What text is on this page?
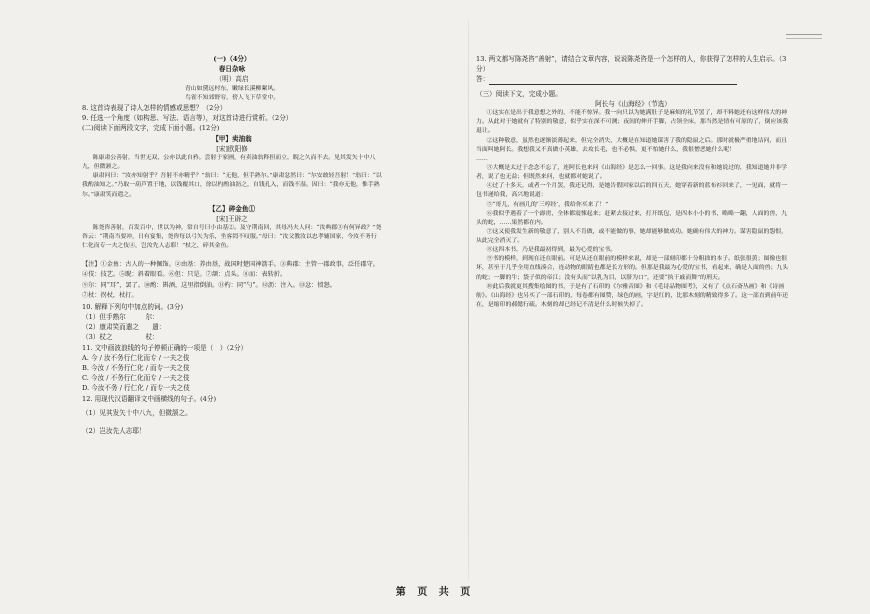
(一)（4分）

春日杂咏

（明）高启

青山如黛远村东，嫩绿长溪柳絮风。

鸟雀不知郊野穷，傍人飞下草堂中。

8. 这首诗表现了诗人怎样的情感或思想？（2分）

9. 任选一个角度（如构思、写法、语言等），对这首诗进行赏析。（2分）

(二)阅读下面两段文字，完成下面小题。(12分)

【甲】卖油翁

[宋]欧阳修

陈康肃公善射，当世无双，公亦以此自矜。尝射于家圃，有卖油翁释担而立，睨之久而不去。见其发矢十中八九，但微颔之。

康肃问曰：“汝亦知射乎？吾射不亦精乎？”翁曰：“无他，但手熟尔。”康肃忿然曰：“尔安敢轻吾射！”翁曰：“以我酌油知之。”乃取一葫芦置于地，以钱覆其口，徐以杓酌油沥之，自钱孔入，而钱不湿。因曰：“我亦无他，惟手熟尔。”康肃笑而遣之。

【乙】碎金鱼①

[宋]王辟之

陈尧咨善射，百发百中，世以为神，常自号曰小由基②。及守荆南回，其母冯夫人问：“汝典郡③有何异政？”尧咨云：“荆南当要冲，日有宴集，尧咨每以弓矢为乐，坐客罔不叹服。”母曰：“汝父教汝以忠孝辅国家，今汝不务行仁化而专一夫之伎④，岂汝先人志耶！”杖之，碎其金鱼。

【注】①金鱼：古人的一种佩饰。②由基：养由基，战国时楚国神箭手。③典郡：主管一郡政事，泛任郡守。④伎：技艺。⑤睨：斜着眼看。⑥但：只是。⑦颔：点头。⑧而：表转折。

⑨尔：同“耳”，罢了。⑩酌：斟酒，这里指倒油。⑪杓：同“勺”。⑫沥：注入。⑬忿：愤怒。

⑦杖：拐杖，杖打。

10. 解释下列句中加点的词。(3分)

（1）但手熟尔　　　尔：

（2）康肃笑而遣之　　遣：

（3）杖之　　　　　杖：

11. 文中画波浪线的句子停顿正确的一项是（　）（2分）

A. 今 / 汝不务行仁化而专 / 一夫之伎

B. 今汝 / 不务行仁化 / 而专一夫之伎

C. 今汝 / 不务行仁化而专 / 一夫之伎

D. 今汝不务 / 行仁化 / 而专一夫之伎

12. 用现代汉语翻译文中画横线的句子。(4分)

（1）见其发矢十中八九，但微颔之。

（2）岂汝先人志耶！

13. 两文都写陈尧咨“善射”，请结合文章内容，说说陈尧咨是一个怎样的人，你获得了怎样的人生启示。（3分）

答：

（三）阅读下文，完成小题。

阿长与《山海经》（节选）

①这实在是出于我意想之外的，不能不惊异。我一向只以为她满肚子是麻烦的礼节罢了，却不料她还有这样伟大的神力。从此对于她就有了特别的敬意，似乎实在深不可测；夜间的伸开手脚，占领全床，那当然是情有可原的了，倒应该我退让。

②这种敬意，虽然也逐渐淡薄起来，但完全消失，大概是在知道她谋害了我的隐鼠之后。那时就极严重地诘问，而且当面叫她阿长。我想我又不真做小英雄，去攻长毛，也不必惧，更不怕她什么，我很憎恶她什么呢！

……

③大概是太过于念念不忘了，连阿长也来问《山海经》是怎么一回事。这是我向来没有和她说过的，我知道她并非学者，说了也无益；但既然来问，也就都对她说了。

④过了十多天，或者一个月罢，我还记得，是她告假回家以后的四五天，她穿着新的蓝布衫回来了，一见面，就将一包书递给我，高兴地说道：

⑤“哥儿，有画儿的‘三哼经’，我给你买来了！”

⑥我似乎遇着了一个霹雳，全体都震悚起来；赶紧去接过来，打开纸包，是四本小小的书，略略一翻，人面的兽，九头的蛇，……果然都在内。

⑦这又使我发生新的敬意了，别人不肯做，或不能做的事，她却能够做成功。她确有伟大的神力。谋害隐鼠的怨恨，从此完全消灭了。

⑧这四本书，乃是我最初得到，最为心爱的宝书。

⑨书的模样，到现在还在眼前。可是从还在眼前的模样来说，却是一部刻印都十分粗拙的本子。纸张很黄；图像也很坏，甚至于几乎全用直线凑合，连动物的眼睛也都是长方形的。但那是我最为心爱的宝书，看起来，确是人面的兽；九头的蛇；一脚的牛；袋子似的帝江；没有头而“以乳为目，以脐为口”，还要“执干戚而舞”的刑天。

⑩此后我就更其搜集绘图的书，于是有了石印的《尔雅音图》和《毛诗品物图考》，又有了《点石斋丛画》和《诗画舫》。《山海经》也另买了一部石印的，每卷都有图赞，绿色的画，字是红的，比那木刻的精致得多了。这一部直到前年还在，是缩印的郝懿行疏。木刻的却已经记不清是什么时候失掉了。

第 页 共 页
